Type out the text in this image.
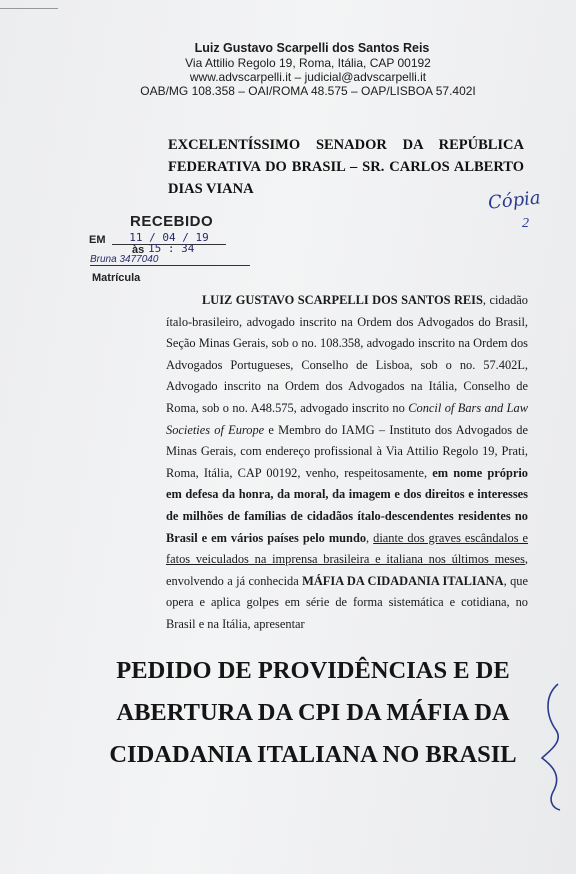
Luiz Gustavo Scarpelli dos Santos Reis
Via Attilio Regolo 19, Roma, Itália, CAP 00192
www.advscarpelli.it – judicial@advscarpelli.it
OAB/MG 108.358 – OAI/ROMA 48.575 – OAP/LISBOA 57.402I
EXCELENTÍSSIMO SENADOR DA REPÚBLICA
FEDERATIVA DO BRASIL – SR. CARLOS ALBERTO
DIAS VIANA
RECEBIDO
EM	11 / 04 / 19
às 15 : 34
Bruna 3477040
Matrícula
Cópia
2
LUIZ GUSTAVO SCARPELLI DOS SANTOS REIS, cidadão ítalo-brasileiro, advogado inscrito na Ordem dos Advogados do Brasil, Seção Minas Gerais, sob o no. 108.358, advogado inscrito na Ordem dos Advogados Portugueses, Conselho de Lisboa, sob o no. 57.402L, Advogado inscrito na Ordem dos Advogados na Itália, Conselho de Roma, sob o no. A48.575, advogado inscrito no Concil of Bars and Law Societies of Europe e Membro do IAMG – Instituto dos Advogados de Minas Gerais, com endereço profissional à Via Attilio Regolo 19, Prati, Roma, Itália, CAP 00192, venho, respeitosamente, em nome próprio em defesa da honra, da moral, da imagem e dos direitos e interesses de milhões de famílias de cidadãos ítalo-descendentes residentes no Brasil e em vários países pelo mundo, diante dos graves escândalos e fatos veiculados na imprensa brasileira e italiana nos últimos meses, envolvendo a já conhecida MÁFIA DA CIDADANIA ITALIANA, que opera e aplica golpes em série de forma sistemática e cotidiana, no Brasil e na Itália, apresentar
PEDIDO DE PROVIDÊNCIAS E DE
ABERTURA DA CPI DA MÁFIA DA
CIDADANIA ITALIANA NO BRASIL
